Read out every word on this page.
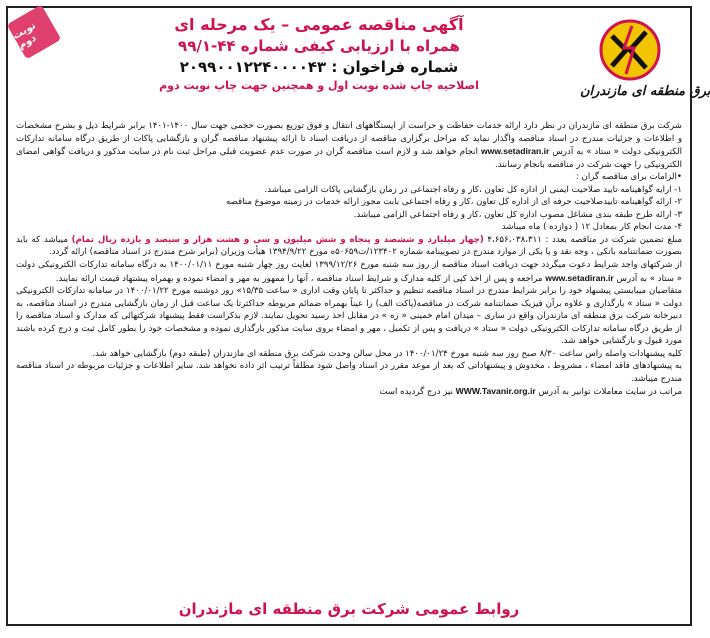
نوبت دوم
برق منطقه ای مازندران
آگهی مناقصه عمومی – یک مرحله ای
همراه با ارزیابی کیفی شماره ۴۴-۹۹/۱
شماره فراخوان : ۲۰۹۹۰۰۱۲۲۴۰۰۰۰۴۳
اصلاحیه چاپ شده نوبت اول و همچنین جهت چاپ نوبت دوم

شرکت برق منطقه ای مازندران در نظر دارد ارائه خدمات حفاظت و حراست از ایستگاههای انتقال و فوق توزیع بصورت حجمی جهت سال ۱۴۰۰-۱۴۰۱ برابر شرایط ذیل و بشرح مشخصات و اطلاعات و جزئیات مندرج در اسناد مناقصه واگذار نماید که مراحل برگزاری مناقصه از دریافت اسناد تا ارائه پیشنهاد مناقصه گران و بازگشایی پاکات از طریق درگاه سامانه تدارکات الکترونیکی دولت « ستاد » به آدرس www.setadiran.ir انجام خواهد شد و لازم است مناقصه گران در صورت عدم عضویت قبلی مراحل ثبت نام در سایت مذکور و دریافت گواهی امضای الکترونیکی را جهت شرکت در مناقصه بانجام رسانند.

•الزامات برای مناقصه گران :

۱- ارایه گواهینامه تایید صلاحیت ایمنی از اداره کل تعاون ،کار و رفاه اجتماعی در زمان بازگشایی پاکات الزامی میباشد.

۲- ارائه گواهینامه تاییدصلاحیت حرفه ای از اداره کل تعاون ،کار و رفاه اجتماعی بابت مجوز ارائه خدمات در زمینه موضوع مناقصه

۳- ارائه طرح طبقه بندی مشاغل مصوب اداره کل تعاون ،کار و رفاه اجتماعی الزامی میباشد.

۴- مدت انجام کار بمعادل ۱۲ ( دوازده ) ماه میباشد

مبلغ تضمین شرکت در مناقصه بعدد : ۴،۶۵۶،۰۳۸،۳۱۱ (چهار میلیارد و ششصد و پنجاه و شش میلیون و سی و هشت هزار و سیصد و یازده ریال تمام) میباشد که باید بصورت ضمانتنامه بانکی ، وجه نقد و یا یکی از موارد مندرج در تصویبنامه شماره ۱۲۳۴۰۲/ت۵۰۶۵۹ه مورخ ۱۳۹۴/۹/۲۲ هیأت وزیران (برابر شرح مندرج در اسناد مناقصه) ارائه گردد.

از شرکتهای واجد شرایط دعوت میگردد جهت دریافت اسناد مناقصه از روز سه شنبه مورخ ۱۳۹۹/۱۲/۲۶ لغایت روز چهار شنبه مورخ ۱۴۰۰/۰۱/۱۱ به درگاه سامانه تدارکات الکترونیکی دولت « ستاد » به آدرس www.setadiran.ir مراجعه و پس از اخذ کپی از کلیه مدارک و شرایط اسناد مناقصه ، آنها را ممهور به مهر و امضاء نموده و بهمراه پیشنهاد قیمت ارائه نمایند.

متقاضیان میبایستی پیشنهاد خود را برابر شرایط مندرج در اسناد مناقصه تنظیم و حداکثر تا پایان وقت اداری « ساعت ۱۵/۳۵» روز دوشنبه مورخ ۱۴۰۰/۰۱/۲۲ در سامانه تدارکات الکترونیکی دولت « ستاد » بارگذاری و علاوه برآن فیزیک ضمانتنامه شرکت در مناقصه(پاکت الف) را عیناً بهمراه ضمائم مربوطه حداکثرتا یک ساعت قبل از زمان بازگشایی مندرج در اسناد مناقصه، به دبیرخانه شرکت برق منطقه ای مازندران واقع در ساری – میدان امام خمینی « ره » در مقابل اخذ رسید تحویل نمایند. لازم بذکراست فقط پیشنهاد شرکتهائی که مدارک و اسناد مناقصه را از طریق درگاه سامانه تدارکات الکترونیکی دولت « ستاد » دریافت و پس از تکمیل ، مهر و امضاء بروی سایت مذکور بارگذاری نموده و مشخصات خود را بطور کامل ثبت و درج کرده باشند مورد قبول و بازگشایی خواهد شد.

کلیه پیشنهادات واصله راس ساعت ۸/۳۰ صبح روز سه شنبه مورخ ۱۴۰۰/۰۱/۲۴ در محل سالن وحدت شرکت برق منطقه ای مازندران (طبقه دوم) بازگشایی خواهد شد.

به پیشنهادهای فاقد امضاء ، مشروط ، مخدوش و پیشنهاداتی که بعد از موعد مقرر در اسناد واصل شود مطلقاً ترتیب اثر داده نخواهد شد. سایر اطلاعات و جزئیات مربوطه در اسناد مناقصه مندرج میباشد.

مراتب در سایت معاملات توانیر به آدرس WWW.Tavanir.org.ir نیز درج گردیده است

روابط عمومی شرکت برق منطقه ای مازندران
